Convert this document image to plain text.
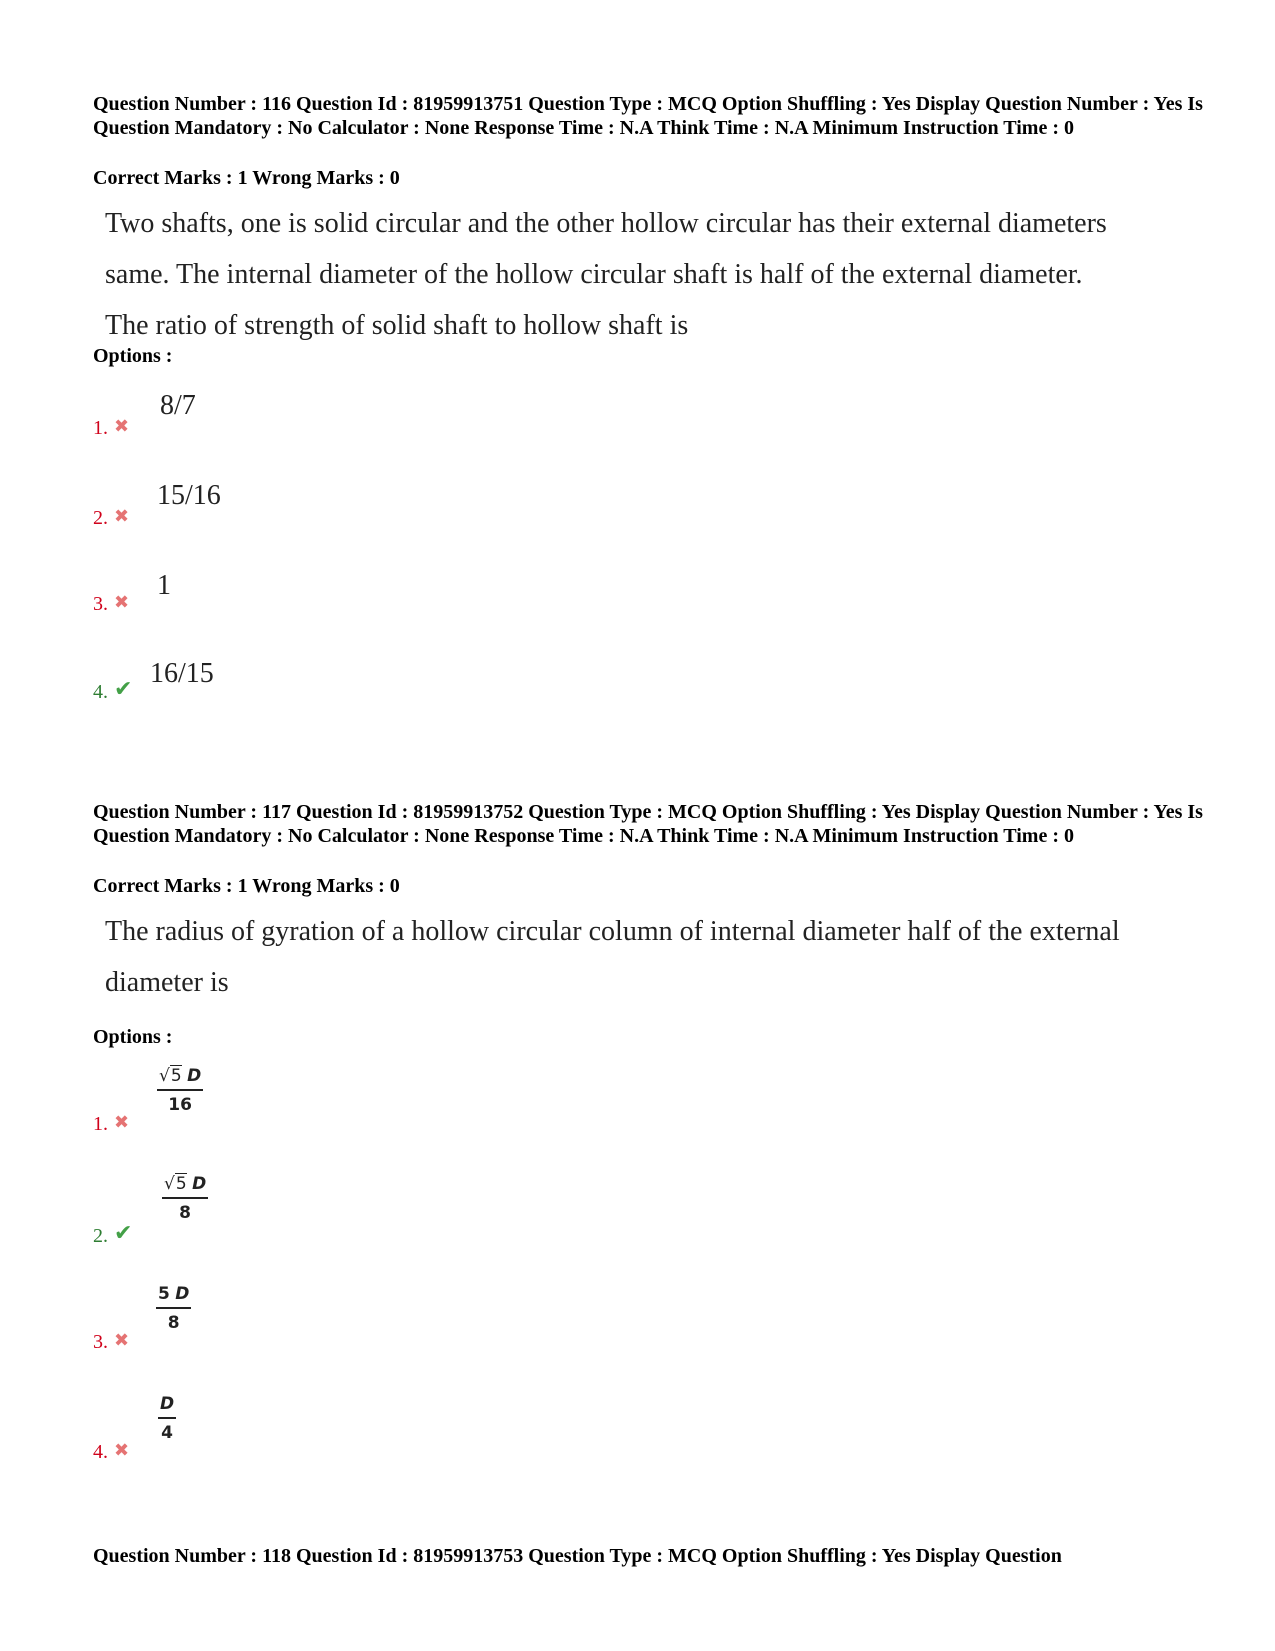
Question Number : 116 Question Id : 81959913751 Question Type : MCQ Option Shuffling : Yes Display Question Number : Yes Is Question Mandatory : No Calculator : None Response Time : N.A Think Time : N.A Minimum Instruction Time : 0
Correct Marks : 1 Wrong Marks : 0
Two shafts, one is solid circular and the other hollow circular has their external diameters
same. The internal diameter of the hollow circular shaft is half of the external diameter.
The ratio of strength of solid shaft to hollow shaft is
Options :
1. ✖
8/7
2. ✖
15/16
3. ✖
1
4. ✔ 16/15
Question Number : 117 Question Id : 81959913752 Question Type : MCQ Option Shuffling : Yes Display Question Number : Yes Is Question Mandatory : No Calculator : None Response Time : N.A Think Time : N.A Minimum Instruction Time : 0
Correct Marks : 1 Wrong Marks : 0
The radius of gyration of a hollow circular column of internal diameter half of the external
diameter is
Options :
1. ✖
$\frac{√5 D}{16}$
2. ✔
$\frac{√5 D}{8}$
3. ✖
$\frac{5 D}{8}$
4. ✖
$\frac{D}{4}$
Question Number : 118 Question Id : 81959913753 Question Type : MCQ Option Shuffling : Yes Display Question
